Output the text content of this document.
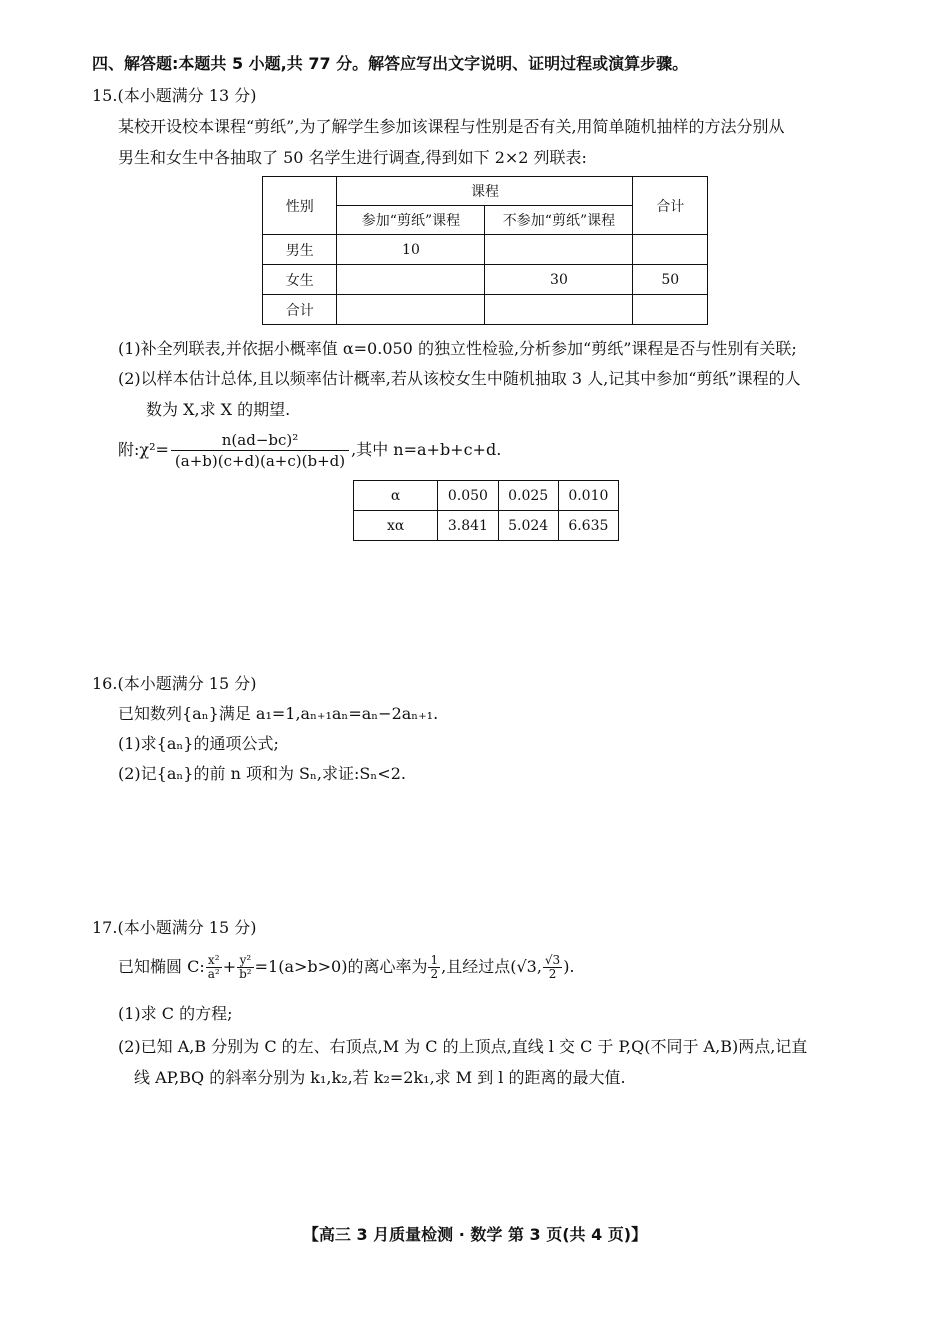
四、解答题:本题共 5 小题,共 77 分。解答应写出文字说明、证明过程或演算步骤。
15.(本小题满分 13 分)
某校开设校本课程“剪纸”,为了解学生参加该课程与性别是否有关,用简单随机抽样的方法分别从
男生和女生中各抽取了 50 名学生进行调查,得到如下 2×2 列联表:
性别	课程		合计
	参加“剪纸”课程	不参加“剪纸”课程	
男生	10		
女生		30	50
合计			
(1)补全列联表,并依据小概率值 α=0.050 的独立性检验,分析参加“剪纸”课程是否与性别有关联;
(2)以样本估计总体,且以频率估计概率,若从该校女生中随机抽取 3 人,记其中参加“剪纸”课程的人
数为 X,求 X 的期望.
附:χ²= $\frac{\text{n(ad−bc)²}}{(a+b)(c+d)(a+c)(b+d)}$ ,其中 n=a+b+c+d.
α	0.050	0.025	0.010
xα	3.841	5.024	6.635
16.(本小题满分 15 分)
已知数列{aₙ}满足 a₁=1,aₙ₊₁aₙ=aₙ−2aₙ₊₁.
(1)求{aₙ}的通项公式;
(2)记{aₙ}的前 n 项和为 Sₙ,求证:Sₙ<2.
17.(本小题满分 15 分)
已知椭圆 C: $\frac{\text{x²}}{\text{a²}} + \frac{\text{y²}}{\text{b²}} =1(a>b>0)$的离心率为 $\frac{1}{2}$ ,且经过点(√3, $\frac{√3}{2}$ ).
(1)求 C 的方程;
(2)已知 A,B 分别为 C 的左、右顶点,M 为 C 的上顶点,直线 l 交 C 于 P,Q(不同于 A,B)两点,记直
线 AP,BQ 的斜率分别为 k₁,k₂,若 k₂=2k₁,求 M 到 l 的距离的最大值.
【高三 3 月质量检测 · 数学 第 3 页(共 4 页)】
